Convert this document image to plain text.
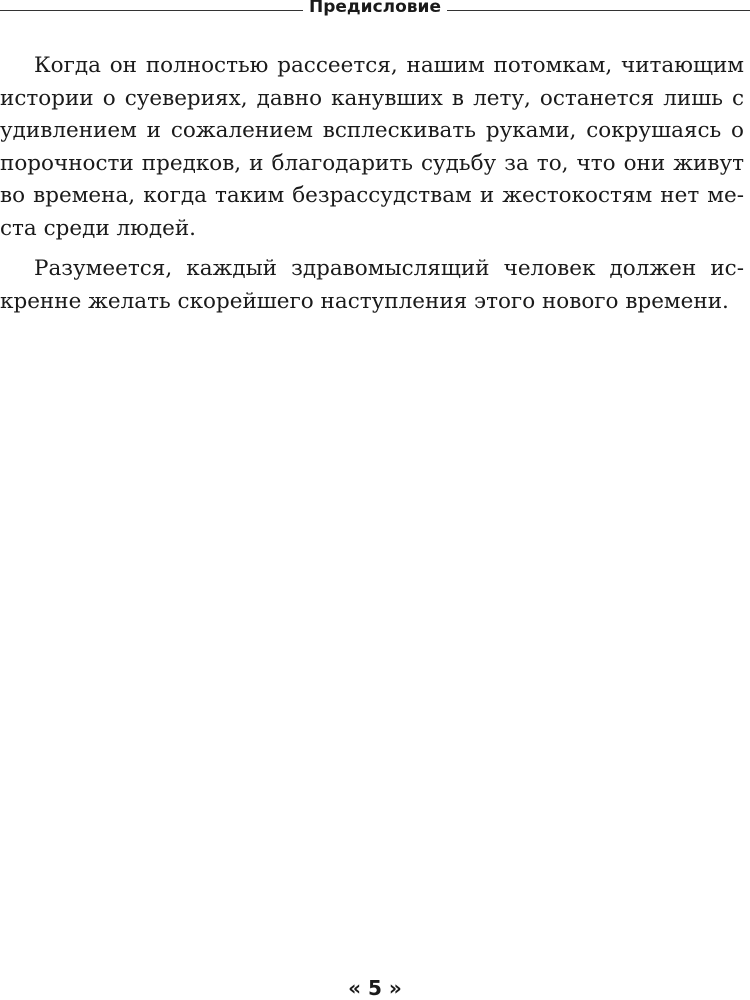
Предисловие

Когда он полностью рассеется, нашим потомкам, читающим истории о суевериях, давно канувших в лету, останется лишь с удивлением и сожалением всплескивать руками, сокрушаясь о порочности предков, и благодарить судьбу за то, что они живут во времена, когда таким безрассудствам и жестокостям нет места среди людей.

Разумеется, каждый здравомыслящий человек должен искренне желать скорейшего наступления этого нового времени.

« 5 »
